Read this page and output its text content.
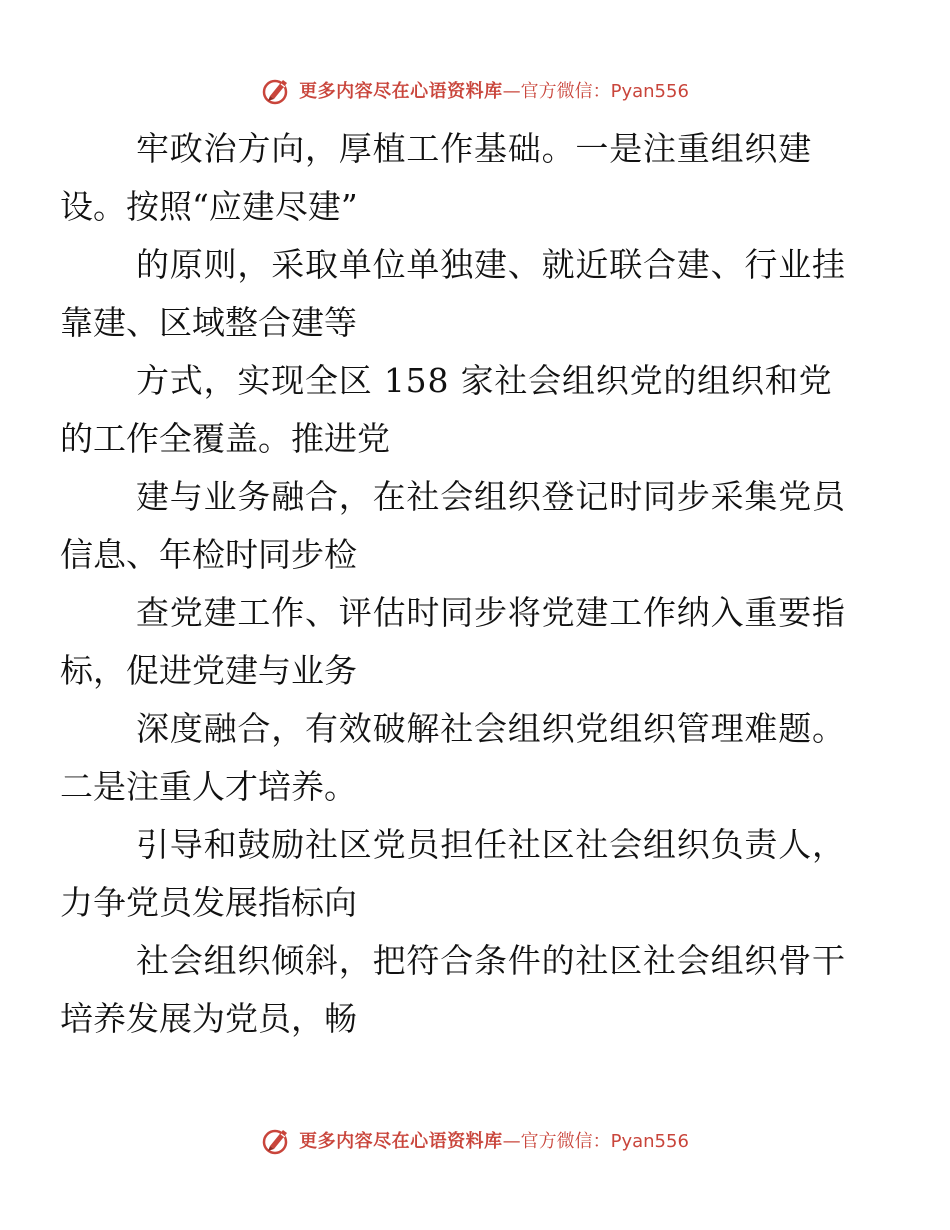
更多内容尽在心语资料库 —官方微信：Pyan556

牢政治方向，厚植工作基础。一是注重组织建
设。按照“应建尽建”

的原则，采取单位单独建、就近联合建、行业挂
靠建、区域整合建等

方式，实现全区 158 家社会组织党的组织和党
的工作全覆盖。推进党

建与业务融合，在社会组织登记时同步采集党员
信息、年检时同步检

查党建工作、评估时同步将党建工作纳入重要指
标，促进党建与业务

深度融合，有效破解社会组织党组织管理难题。
二是注重人才培养。

引导和鼓励社区党员担任社区社会组织负责人，
力争党员发展指标向

社会组织倾斜，把符合条件的社区社会组织骨干
培养发展为党员，畅

更多内容尽在心语资料库 —官方微信：Pyan556
